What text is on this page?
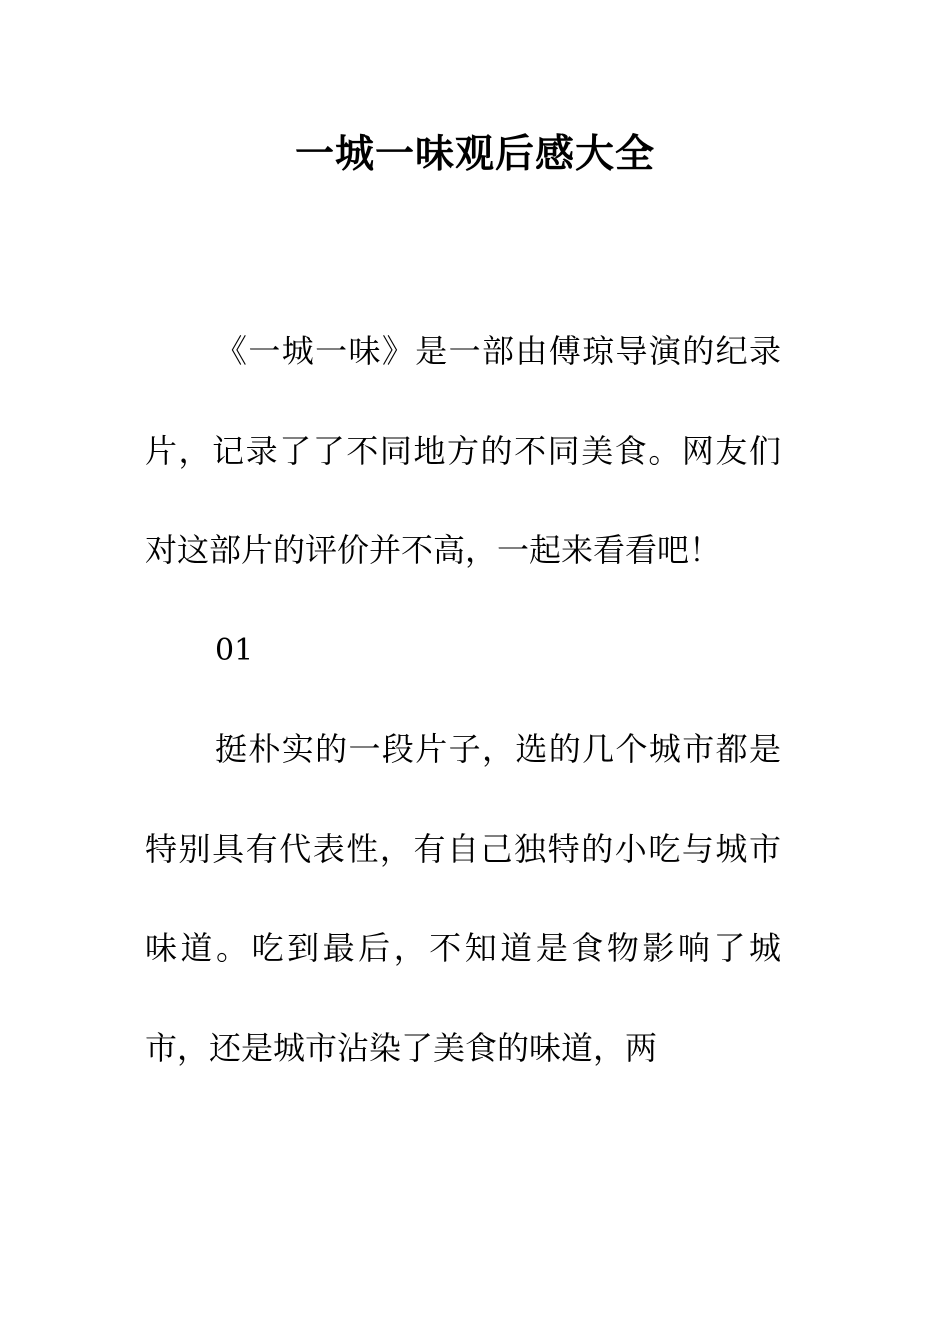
一城一味观后感大全

《一城一味》是一部由傅琼导演的纪录片，记录了了不同地方的不同美食。网友们对这部片的评价并不高，一起来看看吧！

01

挺朴实的一段片子，选的几个城市都是特别具有代表性，有自己独特的小吃与城市味道。吃到最后，不知道是食物影响了城市，还是城市沾染了美食的味道，两
